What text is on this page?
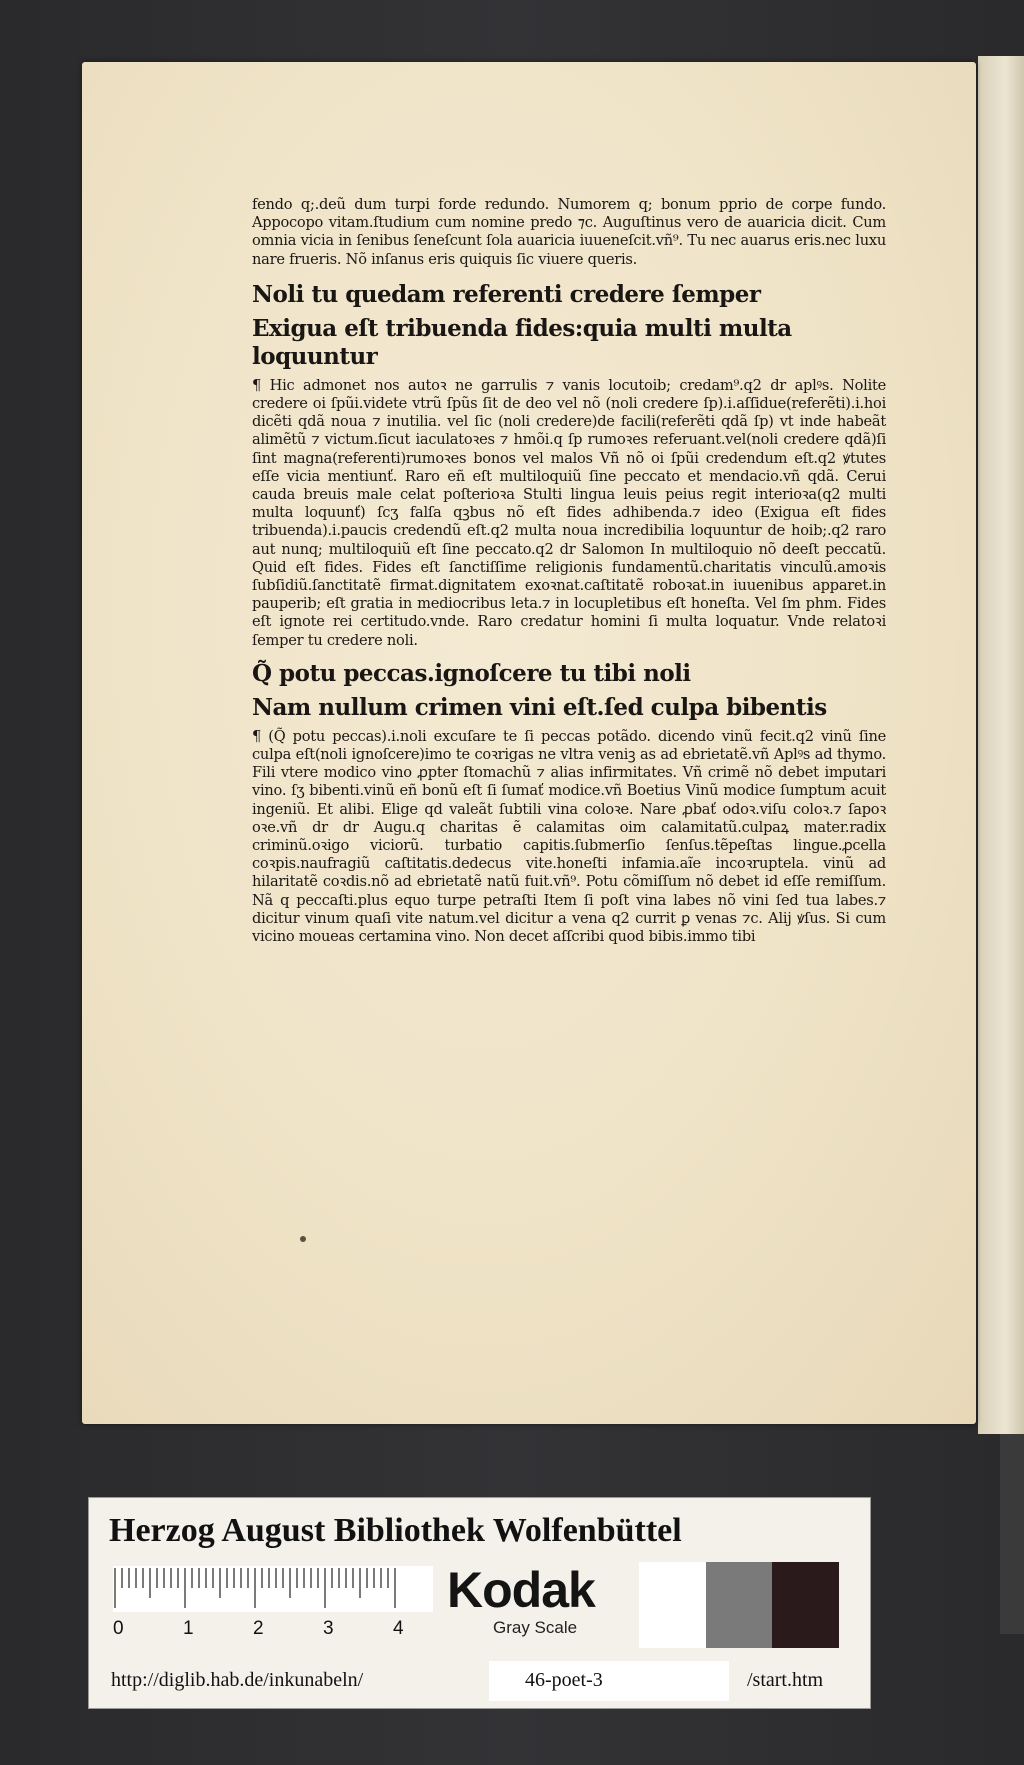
fendo q;.deũ dum turpi forde redundo. Numorem q; bonum pprio de corpe fundo. Appocopo vitam.ſtudium cum nomine predo ⁊c. Auguſtinus vero de auaricia dicit. Cum omnia vicia in ſenibus ſeneſcunt ſola auaricia iuueneſcit.vñ⁹. Tu nec auarus eris.nec luxu nare frueris. Nõ inſanus eris quiquis ſic viuere queris.

Noli tu quedam referenti credere ſemper

Exigua eſt tribuenda fides:quia multi multa loquuntur

¶ Hic admonet nos autoꝛ ne garrulis ⁊ vanis locutoib; credam⁹.q2 dr aplꝰs. Nolite credere oi ſpũi.videte vtrũ ſpũs ſit de deo vel nõ (noli credere ſp).i.aſſidue(referẽti).i.hoi dicẽti qdã noua ⁊ inutilia. vel ſic (noli credere)de facili(referẽti qdã ſp) vt inde habeãt alimẽtũ ⁊ victum.ſicut iaculatoꝛes ⁊ hmõi.q ſp rumoꝛes referuant.vel(noli credere qdã)ſi ſint magna(referenti)rumoꝛes bonos vel malos Vñ nõ oi ſpũi credendum eſt.q2 ꝟtutes eſſe vicia mentiunť. Raro eñ eſt multiloquiũ ſine peccato et mendacio.vñ qdã. Cerui cauda breuis male celat poſterioꝛa Stulti lingua leuis peius regit interioꝛa(q2 multi multa loquunť) ſcʒ falſa qꝫbus nõ eſt fides adhibenda.⁊ ideo (Exigua eſt fides tribuenda).i.paucis credendũ eſt.q2 multa noua incredibilia loquuntur de hoib;.q2 raro aut nunq; multiloquiũ eſt ſine peccato.q2 dr Salomon In multiloquio nõ deeſt peccatũ. Quid eſt fides. Fides eſt ſanctiſſime religionis fundamentũ.charitatis vinculũ.amoꝛis ſubſidiũ.ſanctitatẽ firmat.dignitatem exoꝛnat.caſtitatẽ roboꝛat.in iuuenibus apparet.in pauperib; eſt gratia in mediocribus leta.⁊ in locupletibus eſt honeſta. Vel ſm phm. Fides eſt ignote rei certitudo.vnde. Raro credatur homini ſi multa loquatur. Vnde relatoꝛi ſemper tu credere noli.

Q̃ potu peccas.ignoſcere tu tibi noli

Nam nullum crimen vini eſt.ſed culpa bibentis

¶ (Q̃ potu peccas).i.noli excuſare te ſi peccas potãdo. dicendo vinũ fecit.q2 vinũ ſine culpa eſt(noli ignoſcere)imo te coꝛrigas ne vltra veniꝫ as ad ebrietatẽ.vñ Aplꝰs ad thymo. Fili vtere modico vino ꝓpter ſtomachũ ⁊ alias infirmitates. Vñ crimẽ nõ debet imputari vino. ſʒ bibenti.vinũ eñ bonũ eſt ſi ſumať modice.vñ Boetius Vinũ modice ſumptum acuit ingeniũ. Et alibi. Elige qd valeãt ſubtili vina coloꝛe. Nare ꝓbať odoꝛ.viſu coloꝛ.⁊ ſapoꝛ oꝛe.vñ dr dr Augu.q charitas ẽ calamitas oim calamitatũ.culpaꝝ mater.radix criminũ.oꝛigo viciorũ. turbatio capitis.ſubmerſio ſenſus.tẽpeſtas lingue.ꝓcella coꝛpis.naufragiũ caſtitatis.dedecus vite.honeſti infamia.aĩe incoꝛruptela. vinũ ad hilaritatẽ coꝛdis.nõ ad ebrietatẽ natũ fuit.vñ⁹. Potu cõmiſſum nõ debet id eſſe remiſſum. Nã q peccaſti.plus equo turpe petraſti Item ſi poſt vina labes nõ vini ſed tua labes.⁊ dicitur vinum quaſi vite natum.vel dicitur a vena q2 currit ꝑ venas ⁊c. Alij ꝟſus. Si cum vicino moueas certamina vino. Non decet aſſcribi quod bibis.immo tibi

Herzog August Bibliothek Wolfenbüttel
0	1	2	3	4
Kodak
Gray Scale
http://diglib.hab.de/inkunabeln/	46-poet-3	/start.htm
